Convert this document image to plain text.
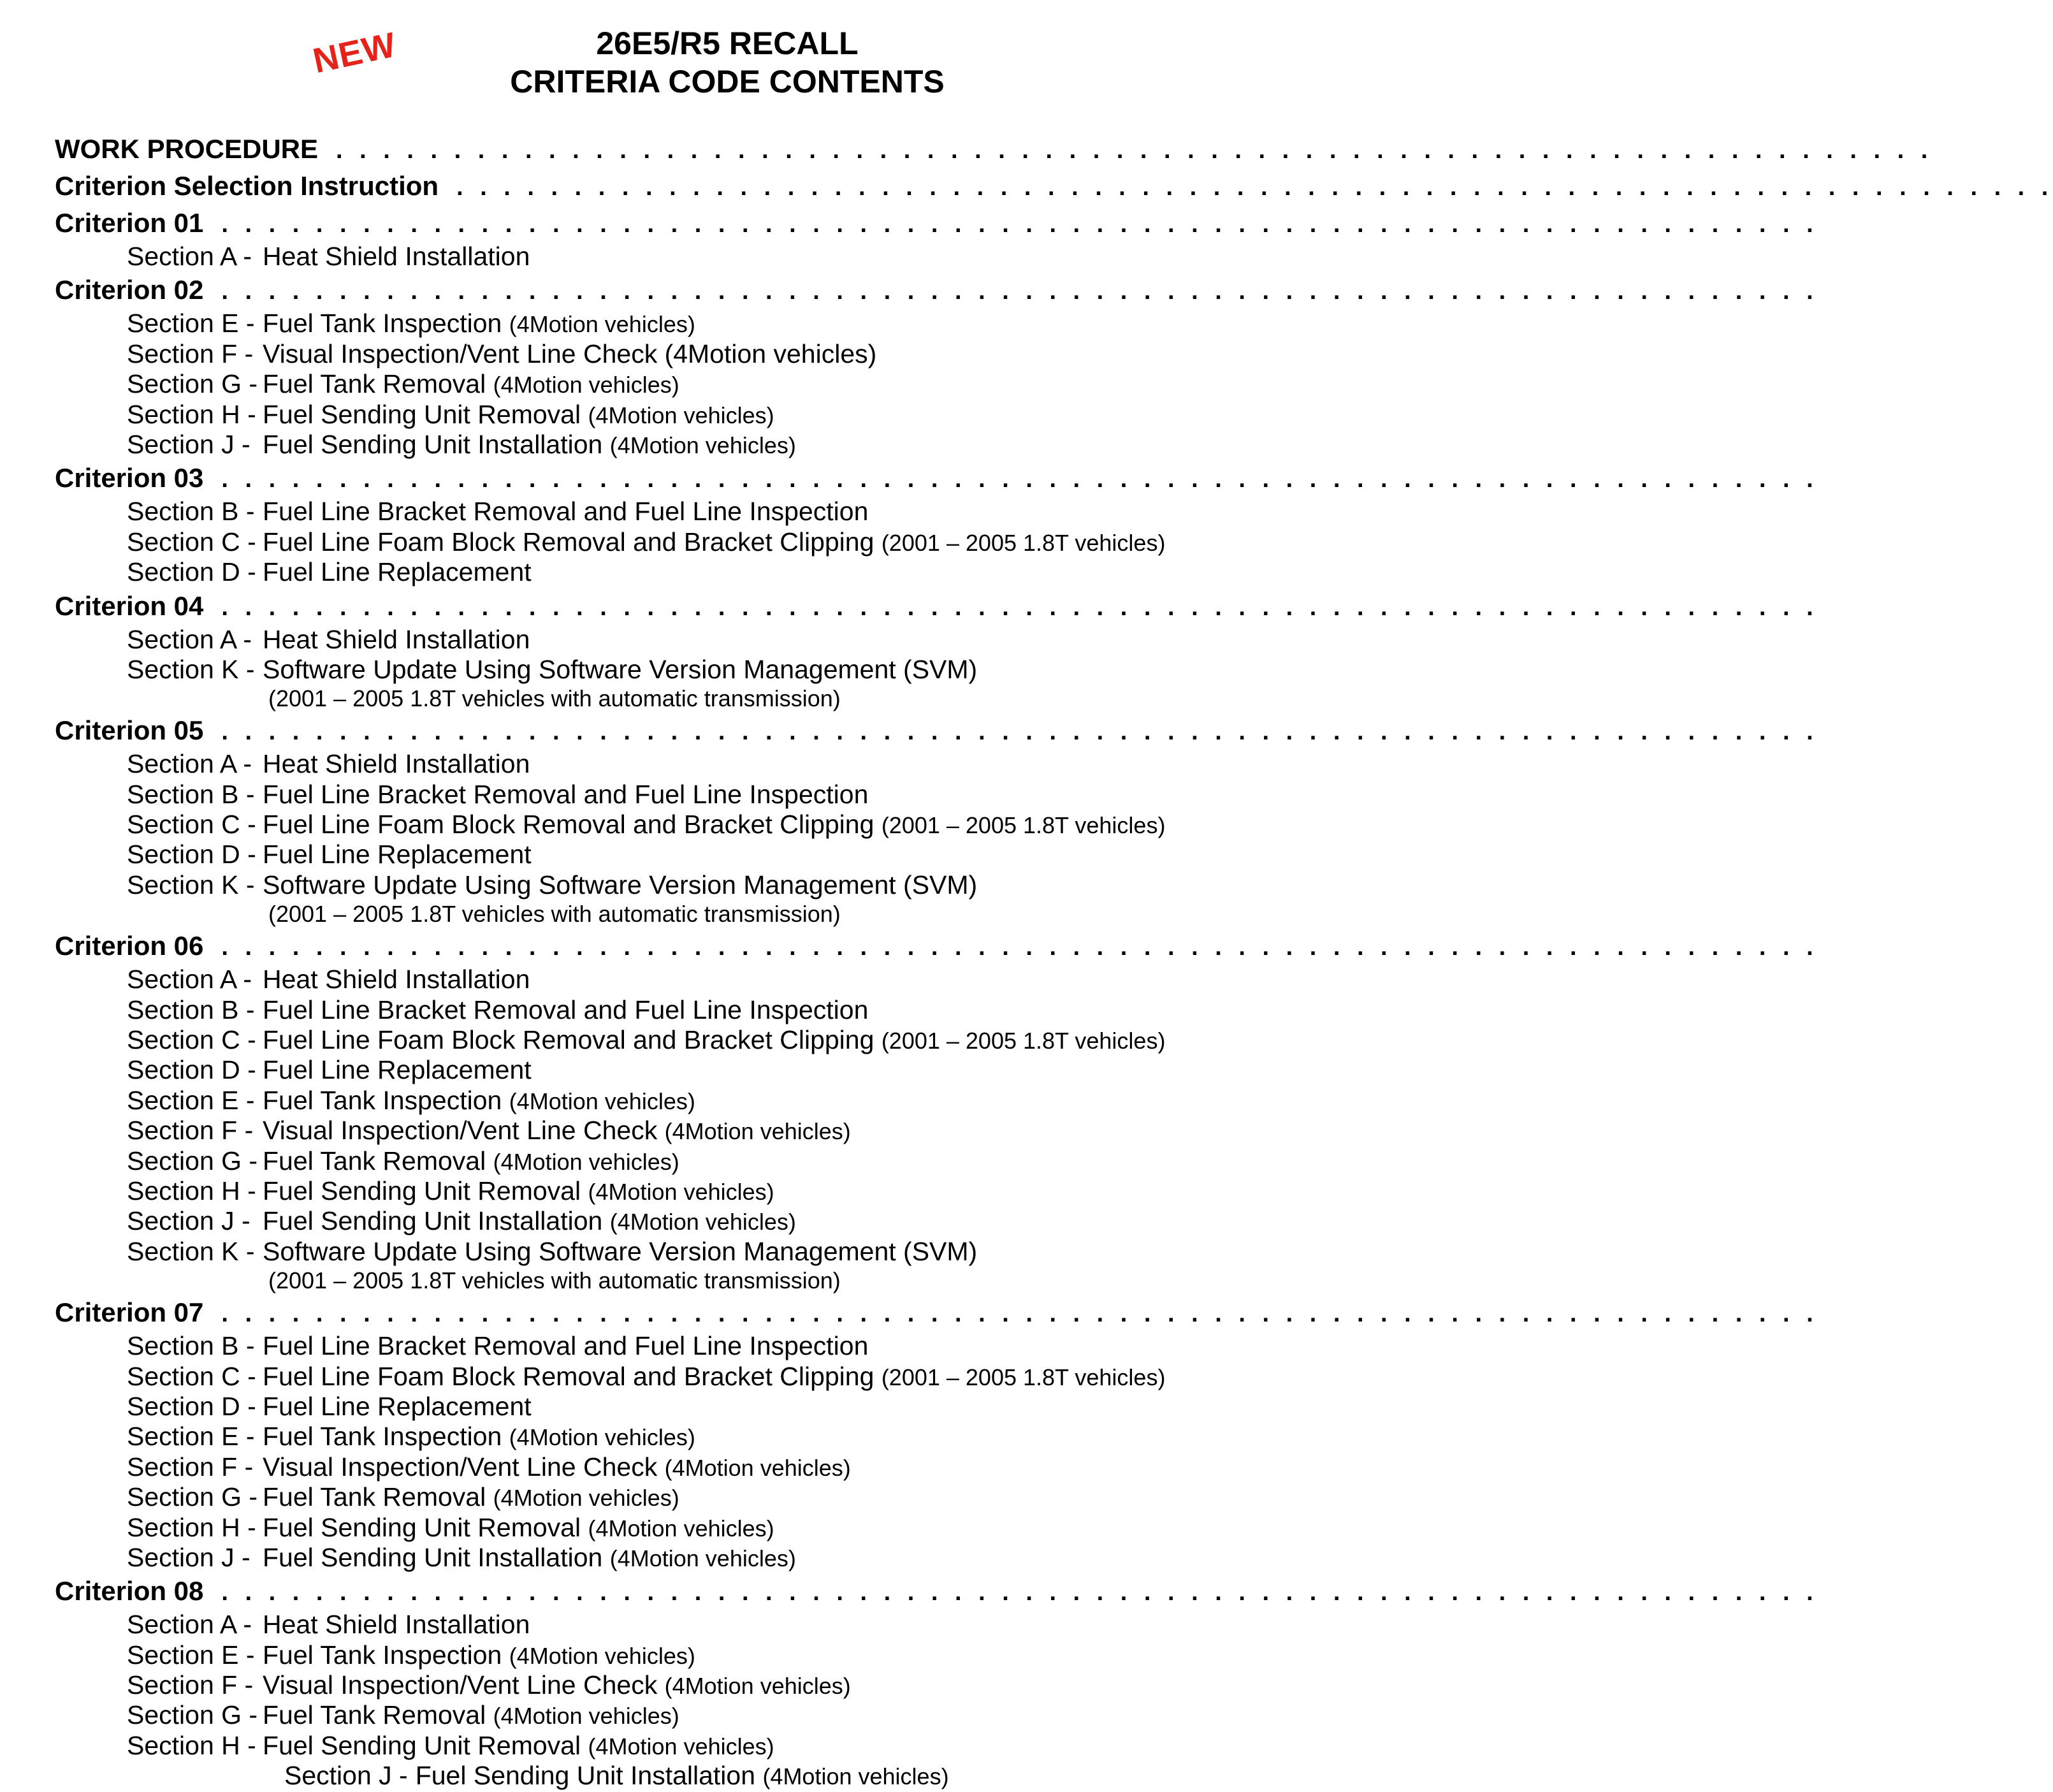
NEW	26E5/R5 RECALL
CRITERIA CODE CONTENTS
WORK PROCEDURE . . . . . . . . . . . . . . . . . . . . . . . . . . . . . . . . . . . . . . . . . . . . . . . . . . . . . . . . . . . . . . . . . . . .
Criterion Selection Instruction . . . . . . . . . . . . . . . . . . . . . . . . . . . . . . . . . . . . . . . . . . . . . . . . . . . . . . . . . . . . . . . . . . . .
Criterion 01 . . . . . . . . . . . . . . . . . . . . . . . . . . . . . . . . . . . . . . . . . . . . . . . . . . . . . . . . . . . . . . . . . . . .
Section A - Heat Shield Installation
Criterion 02 . . . . . . . . . . . . . . . . . . . . . . . . . . . . . . . . . . . . . . . . . . . . . . . . . . . . . . . . . . . . . . . . . . . .
Section E - Fuel Tank Inspection (4Motion vehicles)
Section F - Visual Inspection/Vent Line Check (4Motion vehicles)
Section G - Fuel Tank Removal (4Motion vehicles)
Section H - Fuel Sending Unit Removal (4Motion vehicles)
Section J - Fuel Sending Unit Installation (4Motion vehicles)
Criterion 03 . . . . . . . . . . . . . . . . . . . . . . . . . . . . . . . . . . . . . . . . . . . . . . . . . . . . . . . . . . . . . . . . . . . .
Section B - Fuel Line Bracket Removal and Fuel Line Inspection
Section C - Fuel Line Foam Block Removal and Bracket Clipping (2001 – 2005 1.8T vehicles)
Section D - Fuel Line Replacement
Criterion 04 . . . . . . . . . . . . . . . . . . . . . . . . . . . . . . . . . . . . . . . . . . . . . . . . . . . . . . . . . . . . . . . . . . . .
Section A - Heat Shield Installation
Section K - Software Update Using Software Version Management (SVM)
(2001 – 2005 1.8T vehicles with automatic transmission)
Criterion 05 . . . . . . . . . . . . . . . . . . . . . . . . . . . . . . . . . . . . . . . . . . . . . . . . . . . . . . . . . . . . . . . . . . . .
Section A - Heat Shield Installation
Section B - Fuel Line Bracket Removal and Fuel Line Inspection
Section C - Fuel Line Foam Block Removal and Bracket Clipping (2001 – 2005 1.8T vehicles)
Section D - Fuel Line Replacement
Section K - Software Update Using Software Version Management (SVM)
(2001 – 2005 1.8T vehicles with automatic transmission)
Criterion 06 . . . . . . . . . . . . . . . . . . . . . . . . . . . . . . . . . . . . . . . . . . . . . . . . . . . . . . . . . . . . . . . . . . . .
Section A - Heat Shield Installation
Section B - Fuel Line Bracket Removal and Fuel Line Inspection
Section C - Fuel Line Foam Block Removal and Bracket Clipping (2001 – 2005 1.8T vehicles)
Section D - Fuel Line Replacement
Section E - Fuel Tank Inspection (4Motion vehicles)
Section F - Visual Inspection/Vent Line Check (4Motion vehicles)
Section G - Fuel Tank Removal (4Motion vehicles)
Section H - Fuel Sending Unit Removal (4Motion vehicles)
Section J - Fuel Sending Unit Installation (4Motion vehicles)
Section K - Software Update Using Software Version Management (SVM)
(2001 – 2005 1.8T vehicles with automatic transmission)
Criterion 07 . . . . . . . . . . . . . . . . . . . . . . . . . . . . . . . . . . . . . . . . . . . . . . . . . . . . . . . . . . . . . . . . . . . .
Section B - Fuel Line Bracket Removal and Fuel Line Inspection
Section C - Fuel Line Foam Block Removal and Bracket Clipping (2001 – 2005 1.8T vehicles)
Section D - Fuel Line Replacement
Section E - Fuel Tank Inspection (4Motion vehicles)
Section F - Visual Inspection/Vent Line Check (4Motion vehicles)
Section G - Fuel Tank Removal (4Motion vehicles)
Section H - Fuel Sending Unit Removal (4Motion vehicles)
Section J - Fuel Sending Unit Installation (4Motion vehicles)
Criterion 08 . . . . . . . . . . . . . . . . . . . . . . . . . . . . . . . . . . . . . . . . . . . . . . . . . . . . . . . . . . . . . . . . . . . .
Section A - Heat Shield Installation
Section E - Fuel Tank Inspection (4Motion vehicles)
Section F - Visual Inspection/Vent Line Check (4Motion vehicles)
Section G - Fuel Tank Removal (4Motion vehicles)
Section H - Fuel Sending Unit Removal (4Motion vehicles)
Section J - Fuel Sending Unit Installation (4Motion vehicles)
